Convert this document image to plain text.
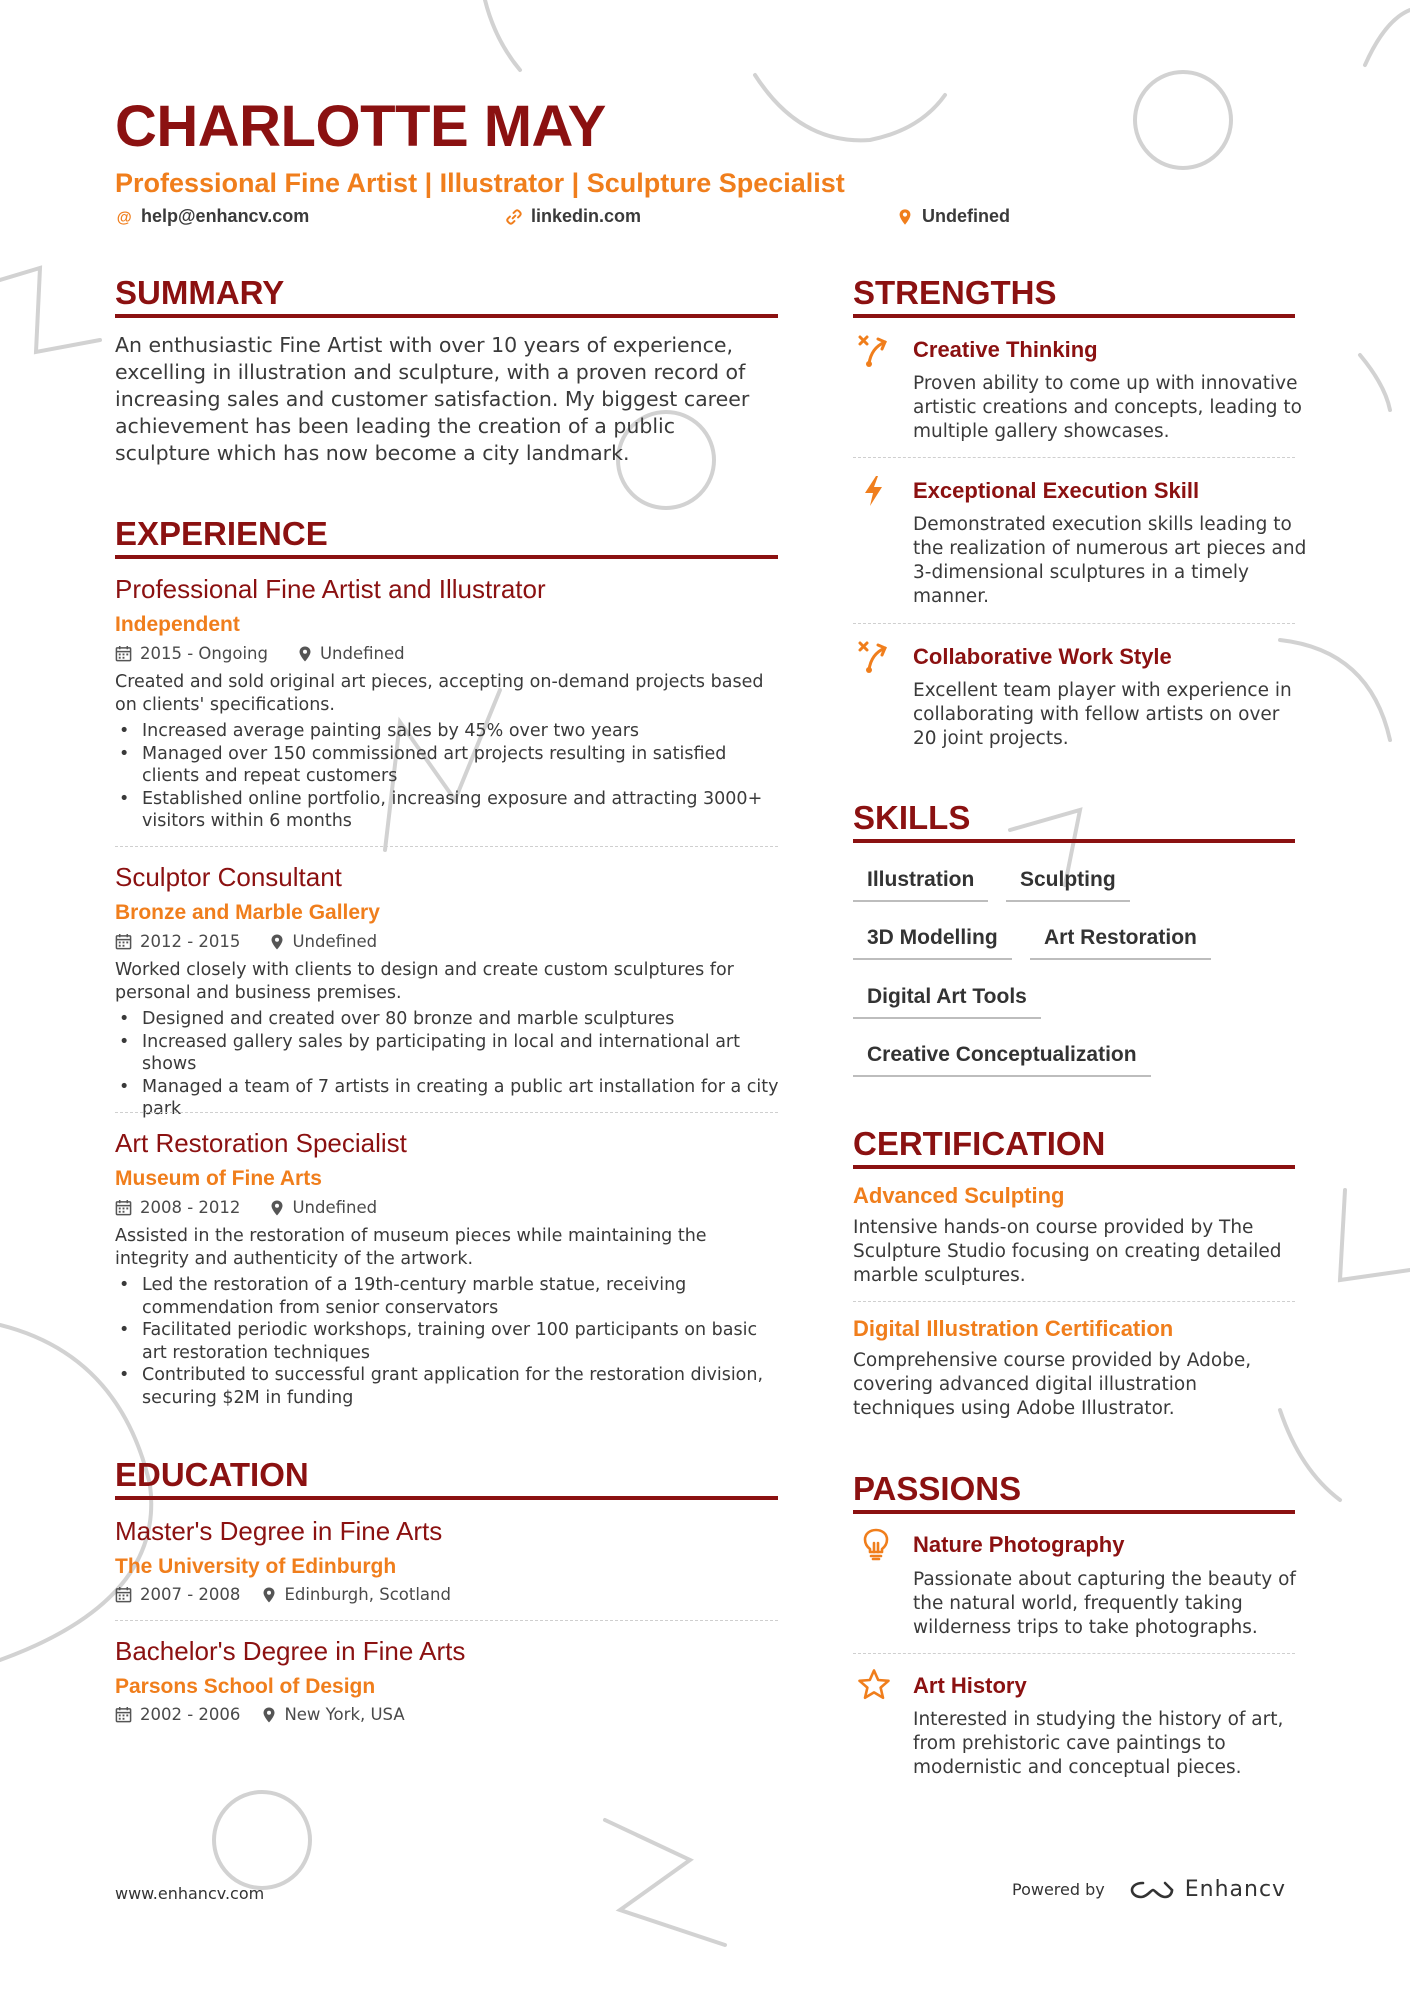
CHARLOTTE MAY
Professional Fine Artist | Illustrator | Sculpture Specialist
@ help@enhancv.com	linkedin.com	Undefined
SUMMARY
An enthusiastic Fine Artist with over 10 years of experience, excelling in illustration and sculpture, with a proven record of increasing sales and customer satisfaction. My biggest career achievement has been leading the creation of a public sculpture which has now become a city landmark.
EXPERIENCE
Professional Fine Artist and Illustrator
Independent
2015 - Ongoing	Undefined
Created and sold original art pieces, accepting on-demand projects based on clients' specifications.
• Increased average painting sales by 45% over two years
• Managed over 150 commissioned art projects resulting in satisfied clients and repeat customers
• Established online portfolio, increasing exposure and attracting 3000+ visitors within 6 months
Sculptor Consultant
Bronze and Marble Gallery
2012 - 2015	Undefined
Worked closely with clients to design and create custom sculptures for personal and business premises.
• Designed and created over 80 bronze and marble sculptures
• Increased gallery sales by participating in local and international art shows
• Managed a team of 7 artists in creating a public art installation for a city park
Art Restoration Specialist
Museum of Fine Arts
2008 - 2012	Undefined
Assisted in the restoration of museum pieces while maintaining the integrity and authenticity of the artwork.
• Led the restoration of a 19th-century marble statue, receiving commendation from senior conservators
• Facilitated periodic workshops, training over 100 participants on basic art restoration techniques
• Contributed to successful grant application for the restoration division, securing $2M in funding
EDUCATION
Master's Degree in Fine Arts
The University of Edinburgh
2007 - 2008	Edinburgh, Scotland
Bachelor's Degree in Fine Arts
Parsons School of Design
2002 - 2006	New York, USA
STRENGTHS
Creative Thinking
Proven ability to come up with innovative artistic creations and concepts, leading to multiple gallery showcases.
Exceptional Execution Skill
Demonstrated execution skills leading to the realization of numerous art pieces and 3-dimensional sculptures in a timely manner.
Collaborative Work Style
Excellent team player with experience in collaborating with fellow artists on over 20 joint projects.
SKILLS
Illustration	Sculpting
3D Modelling	Art Restoration
Digital Art Tools
Creative Conceptualization
CERTIFICATION
Advanced Sculpting
Intensive hands-on course provided by The Sculpture Studio focusing on creating detailed marble sculptures.
Digital Illustration Certification
Comprehensive course provided by Adobe, covering advanced digital illustration techniques using Adobe Illustrator.
PASSIONS
Nature Photography
Passionate about capturing the beauty of the natural world, frequently taking wilderness trips to take photographs.
Art History
Interested in studying the history of art, from prehistoric cave paintings to modernistic and conceptual pieces.
www.enhancv.com	Powered by	Enhancv
